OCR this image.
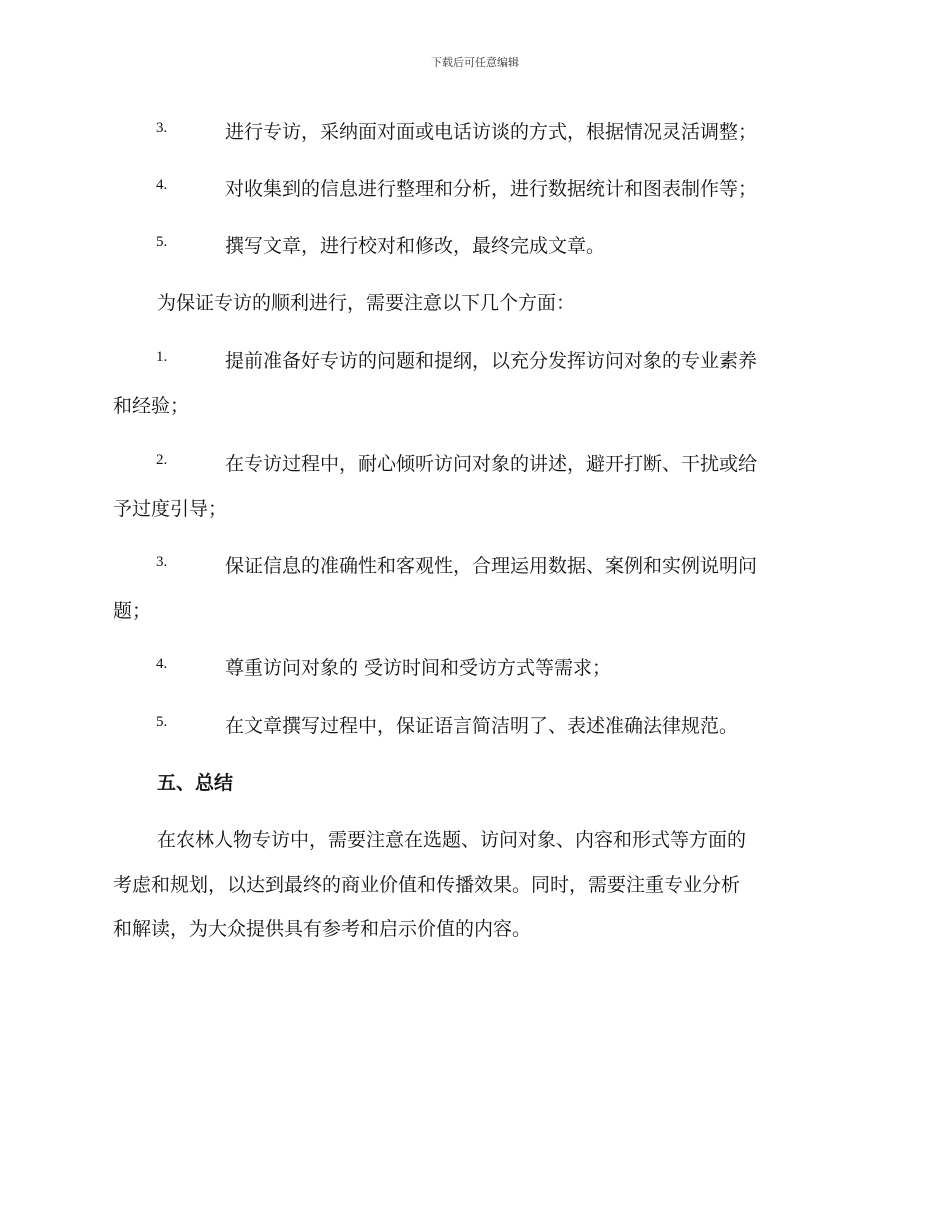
下载后可任意编辑
3.	进行专访，采纳面对面或电话访谈的方式，根据情况灵活调整；
4.	对收集到的信息进行整理和分析，进行数据统计和图表制作等；
5.	撰写文章，进行校对和修改，最终完成文章。
为保证专访的顺利进行，需要注意以下几个方面：
1.	提前准备好专访的问题和提纲，以充分发挥访问对象的专业素养
和经验；
2.	在专访过程中，耐心倾听访问对象的讲述，避开打断、干扰或给
予过度引导；
3.	保证信息的准确性和客观性，合理运用数据、案例和实例说明问
题；
4.	尊重访问对象的 受访时间和受访方式等需求；
5.	在文章撰写过程中，保证语言简洁明了、表述准确法律规范。
五、总结
在农林人物专访中，需要注意在选题、访问对象、内容和形式等方面的
考虑和规划，以达到最终的商业价值和传播效果。同时，需要注重专业分析
和解读，为大众提供具有参考和启示价值的内容。
